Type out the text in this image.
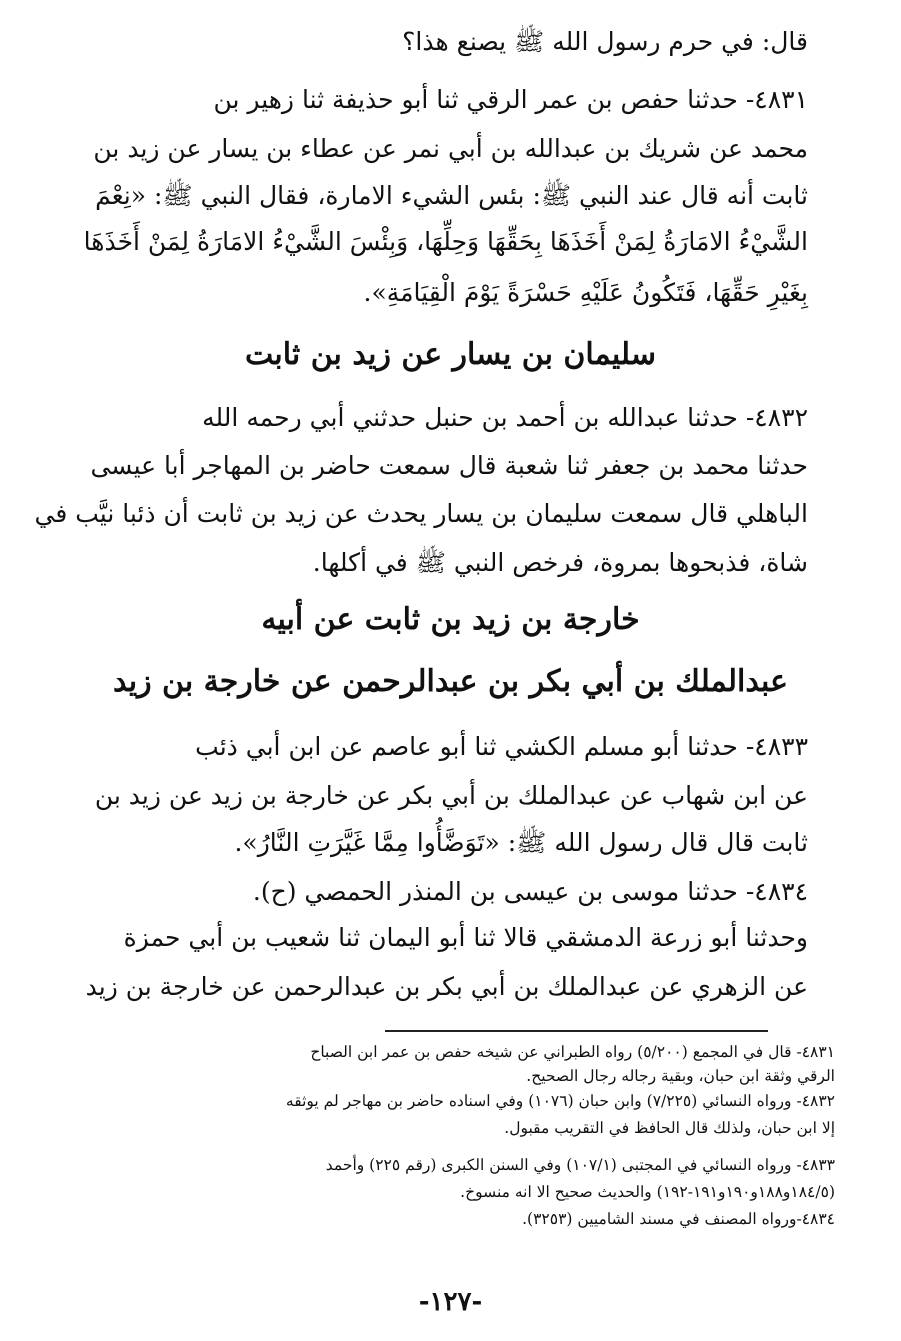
قال: في حرم رسول الله ﷺ يصنع هذا؟
٤٨٣١- حدثنا حفص بن عمر الرقي ثنا أبو حذيفة ثنا زهير بن
محمد عن شريك بن عبدالله بن أبي نمر عن عطاء بن يسار عن زيد بن
ثابت أنه قال عند النبي ﷺ: بئس الشيء الامارة، فقال النبي ﷺ: «نِعْمَ
الشَّيْءُ الامَارَةُ لِمَنْ أَخَذَهَا بِحَقِّهَا وَحِلِّهَا، وَبِئْسَ الشَّيْءُ الامَارَةُ لِمَنْ أَخَذَهَا
بِغَيْرِ حَقِّهَا، فَتَكُونُ عَلَيْهِ حَسْرَةً يَوْمَ الْقِيَامَةِ».
سليمان بن يسار عن زيد بن ثابت
٤٨٣٢- حدثنا عبدالله بن أحمد بن حنبل حدثني أبي رحمه الله
حدثنا محمد بن جعفر ثنا شعبة قال سمعت حاضر بن المهاجر أبا عيسى
الباهلي قال سمعت سليمان بن يسار يحدث عن زيد بن ثابت أن ذئبا نيَّب في
شاة، فذبحوها بمروة، فرخص النبي ﷺ في أكلها.
خارجة بن زيد بن ثابت عن أبيه
عبدالملك بن أبي بكر بن عبدالرحمن عن خارجة بن زيد
٤٨٣٣- حدثنا أبو مسلم الكشي ثنا أبو عاصم عن ابن أبي ذئب
عن ابن شهاب عن عبدالملك بن أبي بكر عن خارجة بن زيد عن زيد بن
ثابت قال قال رسول الله ﷺ: «تَوَضَّأُوا مِمَّا غَيَّرَتِ النَّارُ».
٤٨٣٤- حدثنا موسى بن عيسى بن المنذر الحمصي (ح).
وحدثنا أبو زرعة الدمشقي قالا ثنا أبو اليمان ثنا شعيب بن أبي حمزة
عن الزهري عن عبدالملك بن أبي بكر بن عبدالرحمن عن خارجة بن زيد
٤٨٣١- قال في المجمع (٥/٢٠٠) رواه الطبراني عن شيخه حفص بن عمر ابن الصباح
الرقي وثقة ابن حبان، وبقية رجاله رجال الصحيح.
٤٨٣٢- ورواه النسائي (٧/٢٢٥) وابن حبان (١٠٧٦) وفي اسناده حاضر بن مهاجر لم يوثقه
إلا ابن حبان، ولذلك قال الحافظ في التقريب مقبول.
٤٨٣٣- ورواه النسائي في المجتبى (١٠٧/١) وفي السنن الكبرى (رقم ٢٢٥) وأحمد
(١٨٤/٥و١٨٨و١٩٠و١٩١-١٩٢) والحديث صحيح الا انه منسوخ.
٤٨٣٤-ورواه المصنف في مسند الشاميين (٣٢٥٣).
-١٢٧-
